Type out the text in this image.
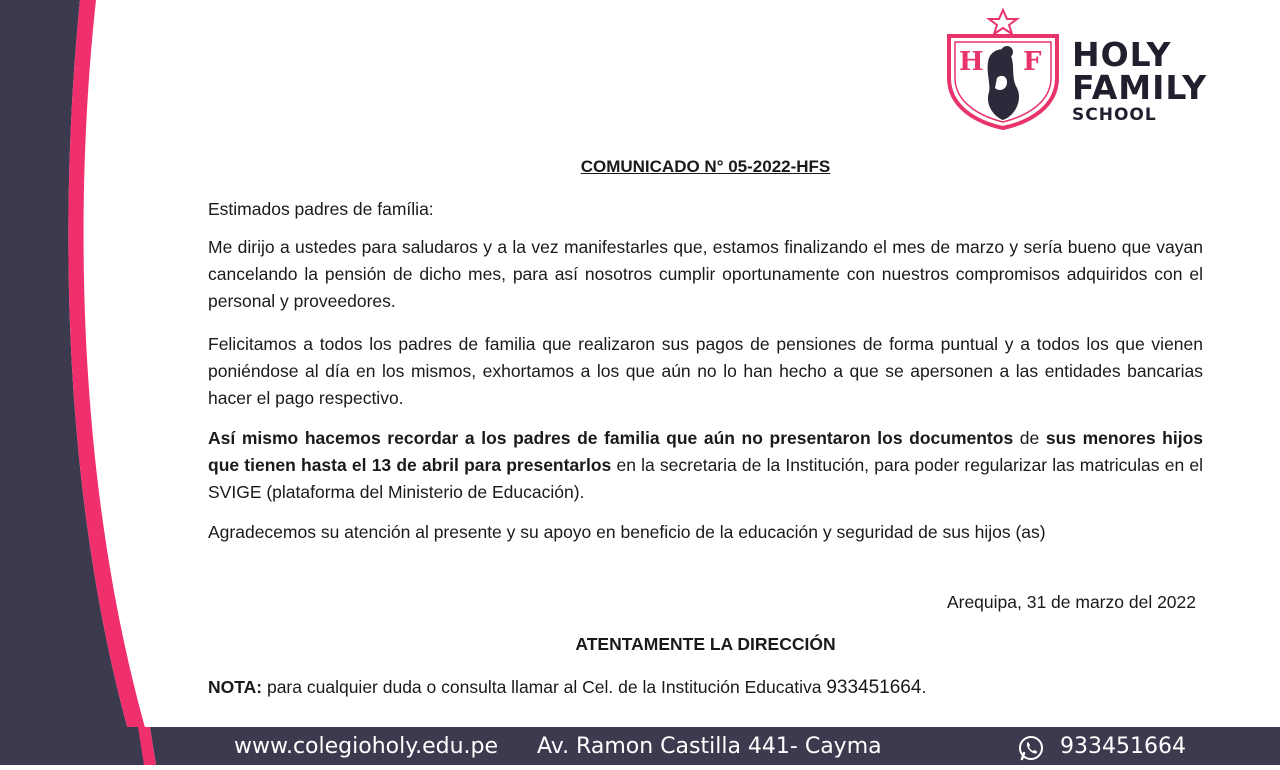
H F HOLY
FAMILY
SCHOOL
COMUNICADO N° 05-2022-HFS

Estimados padres de família:

Me dirijo a ustedes para saludaros y a la vez manifestarles que, estamos finalizando el mes de marzo y sería bueno que vayan cancelando la pensión de dicho mes, para así nosotros cumplir oportunamente con nuestros compromisos adquiridos con el personal y proveedores.

Felicitamos a todos los padres de familia que realizaron sus pagos de pensiones de forma puntual y a todos los que vienen poniéndose al día en los mismos, exhortamos a los que aún no lo han hecho a que se apersonen a las entidades bancarias hacer el pago respectivo.

Así mismo hacemos recordar a los padres de familia que aún no presentaron los documentos de sus menores hijos que tienen hasta el 13 de abril para presentarlos en la secretaria de la Institución, para poder regularizar las matriculas en el SVIGE (plataforma del Ministerio de Educación).

Agradecemos su atención al presente y su apoyo en beneficio de la educación y seguridad de sus hijos (as)

Arequipa, 31 de marzo del 2022
ATENTAMENTE LA DIRECCIÓN
NOTA: para cualquier duda o consulta llamar al Cel. de la Institución Educativa 933451664.
www.colegioholy.edu.pe Av. Ramon Castilla 441- Cayma	933451664
